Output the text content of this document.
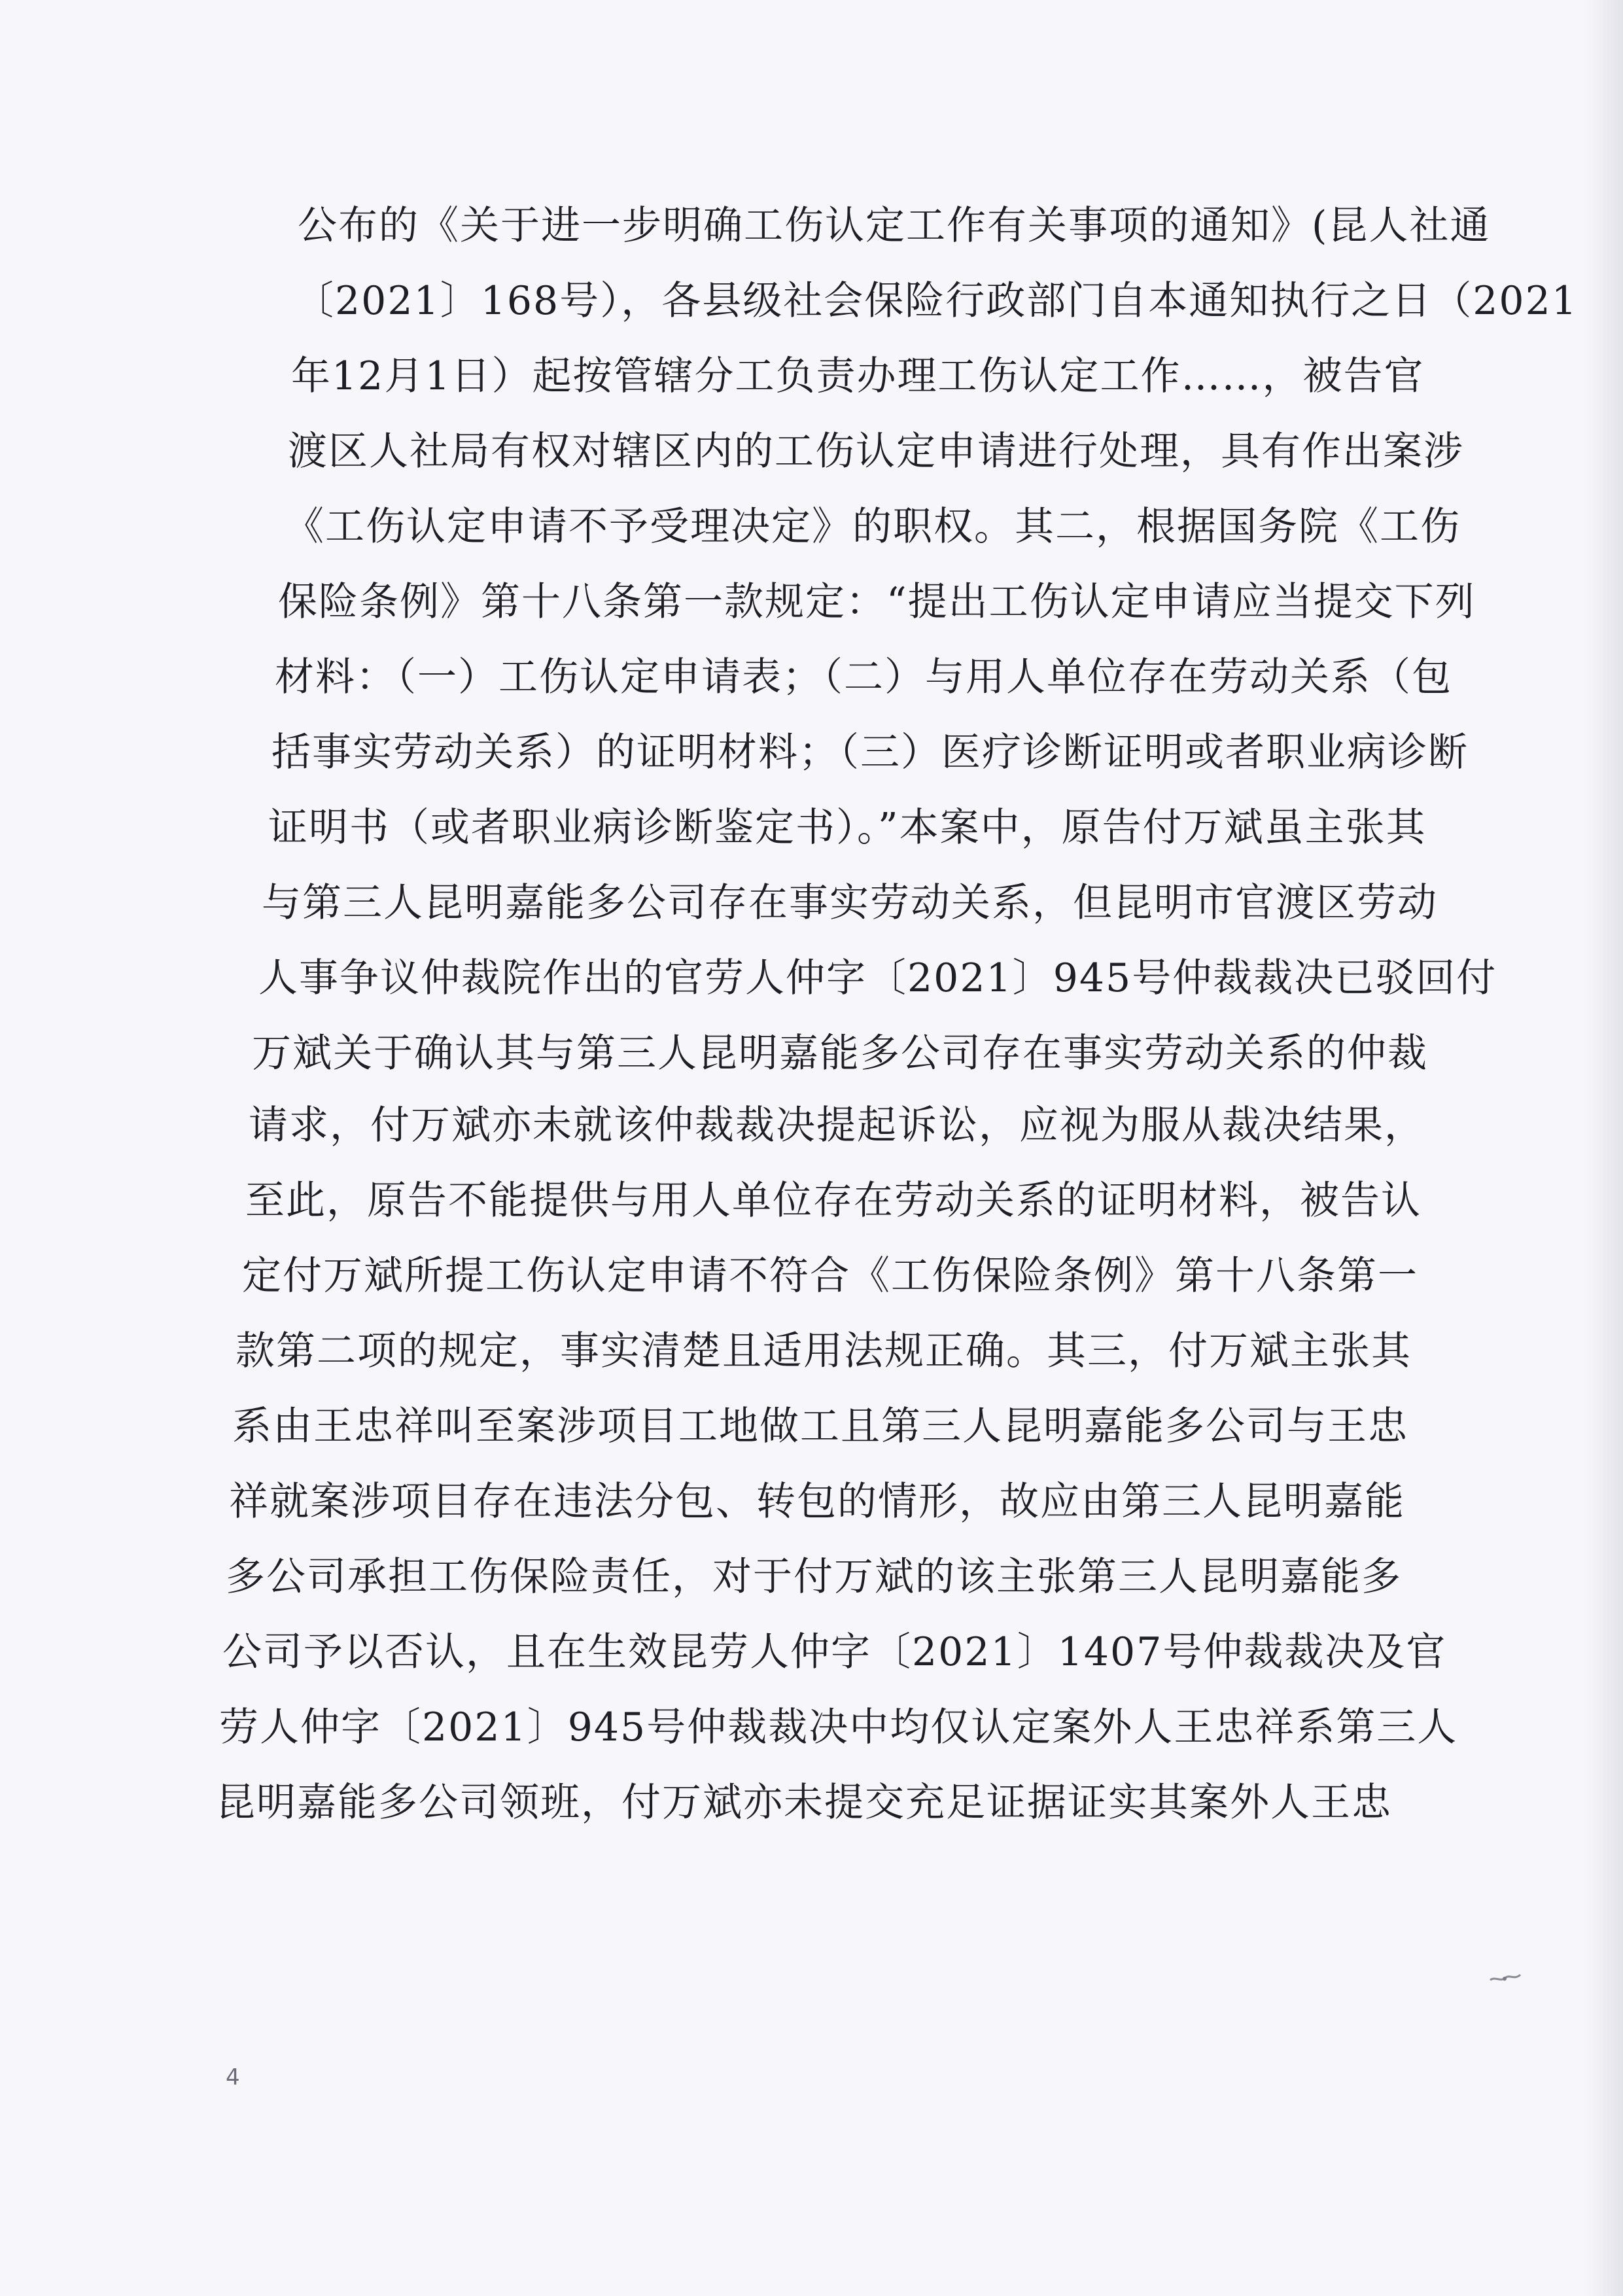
公布的《关于进一步明确工伤认定工作有关事项的通知》(昆人社通
〔2021〕168号），各县级社会保险行政部门自本通知执行之日（2021
年12月1日）起按管辖分工负责办理工伤认定工作……，被告官
渡区人社局有权对辖区内的工伤认定申请进行处理，具有作出案涉
《工伤认定申请不予受理决定》的职权。其二，根据国务院《工伤
保险条例》第十八条第一款规定：“提出工伤认定申请应当提交下列
材料：（一）工伤认定申请表；（二）与用人单位存在劳动关系（包
括事实劳动关系）的证明材料；（三）医疗诊断证明或者职业病诊断
证明书（或者职业病诊断鉴定书）。”本案中，原告付万斌虽主张其
与第三人昆明嘉能多公司存在事实劳动关系，但昆明市官渡区劳动
人事争议仲裁院作出的官劳人仲字〔2021〕945号仲裁裁决已驳回付
万斌关于确认其与第三人昆明嘉能多公司存在事实劳动关系的仲裁
请求，付万斌亦未就该仲裁裁决提起诉讼，应视为服从裁决结果，
至此，原告不能提供与用人单位存在劳动关系的证明材料，被告认
定付万斌所提工伤认定申请不符合《工伤保险条例》第十八条第一
款第二项的规定，事实清楚且适用法规正确。其三，付万斌主张其
系由王忠祥叫至案涉项目工地做工且第三人昆明嘉能多公司与王忠
祥就案涉项目存在违法分包、转包的情形，故应由第三人昆明嘉能
多公司承担工伤保险责任，对于付万斌的该主张第三人昆明嘉能多
公司予以否认，且在生效昆劳人仲字〔2021〕1407号仲裁裁决及官
劳人仲字〔2021〕945号仲裁裁决中均仅认定案外人王忠祥系第三人
昆明嘉能多公司领班，付万斌亦未提交充足证据证实其案外人王忠
4
